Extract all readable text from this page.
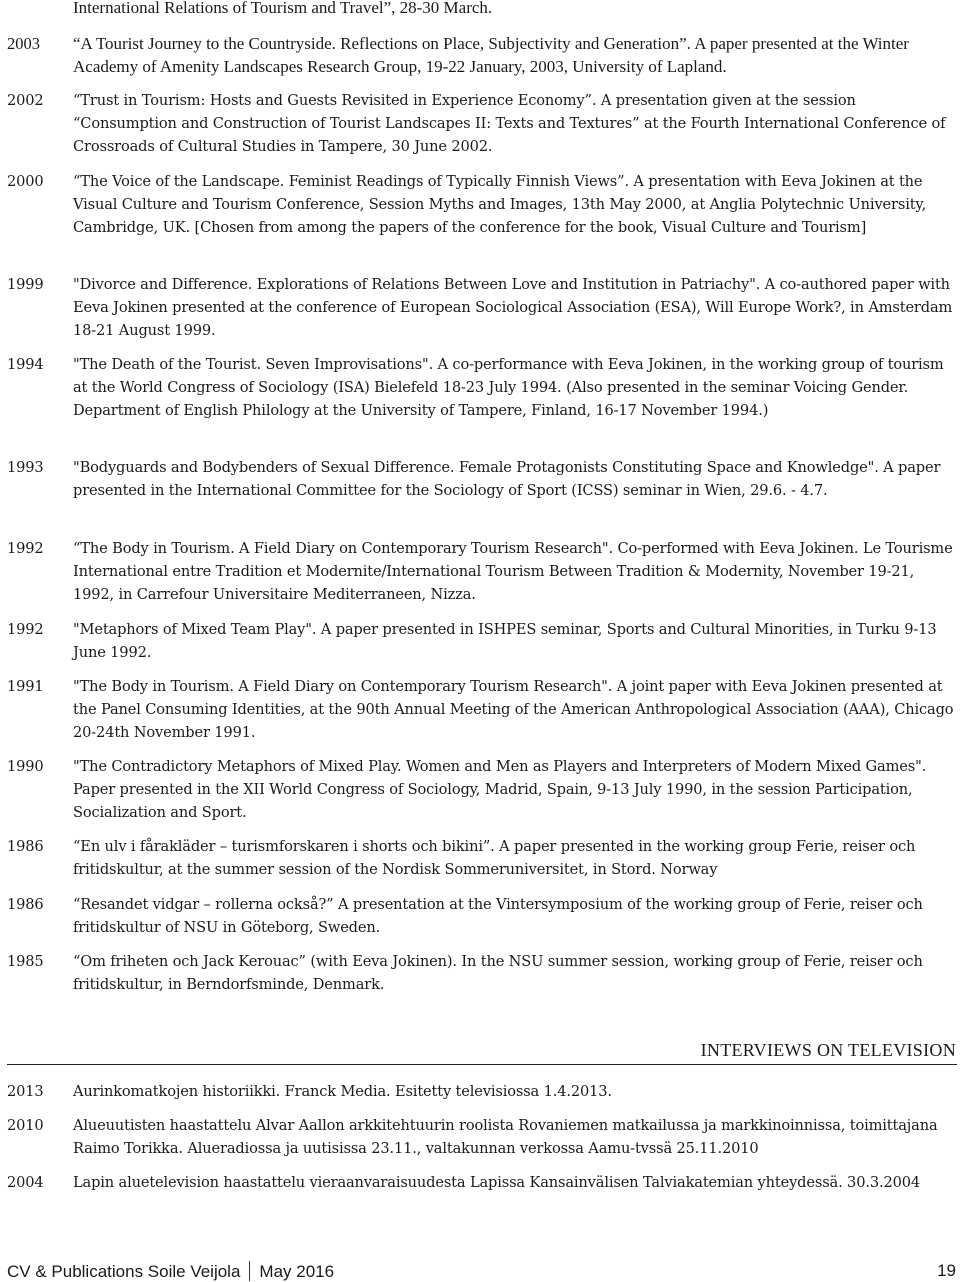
International Relations of Tourism and Travel”, 28-30 March.
2003 “A Tourist Journey to the Countryside. Reflections on Place, Subjectivity and Generation”. A paper presented at the Winter Academy of Amenity Landscapes Research Group, 19-22 January, 2003, University of Lapland.
2002 “Trust in Tourism: Hosts and Guests Revisited in Experience Economy”. A presentation given at the session “Consumption and Construction of Tourist Landscapes II: Texts and Textures” at the Fourth International Conference of Crossroads of Cultural Studies in Tampere, 30 June 2002.
2000 “The Voice of the Landscape. Feminist Readings of Typically Finnish Views”. A presentation with Eeva Jokinen at the Visual Culture and Tourism Conference, Session Myths and Images, 13th May 2000, at Anglia Polytechnic University, Cambridge, UK. [Chosen from among the papers of the conference for the book, Visual Culture and Tourism]
1999 "Divorce and Difference. Explorations of Relations Between Love and Institution in Patriachy". A co-authored paper with Eeva Jokinen presented at the conference of European Sociological Association (ESA), Will Europe Work?, in Amsterdam 18-21 August 1999.
1994 "The Death of the Tourist. Seven Improvisations". A co-performance with Eeva Jokinen, in the working group of tourism at the World Congress of Sociology (ISA) Bielefeld 18-23 July 1994. (Also presented in the seminar Voicing Gender. Department of English Philology at the University of Tampere, Finland, 16-17 November 1994.)
1993 "Bodyguards and Bodybenders of Sexual Difference. Female Protagonists Constituting Space and Knowledge". A paper presented in the International Committee for the Sociology of Sport (ICSS) seminar in Wien, 29.6. - 4.7.
1992 “The Body in Tourism. A Field Diary on Contemporary Tourism Research". Co-performed with Eeva Jokinen. Le Tourisme International entre Tradition et Modernite/International Tourism Between Tradition & Modernity, November 19-21, 1992, in Carrefour Universitaire Mediterraneen, Nizza.
1992 "Metaphors of Mixed Team Play". A paper presented in ISHPES seminar, Sports and Cultural Minorities, in Turku 9-13 June 1992.
1991 "The Body in Tourism. A Field Diary on Contemporary Tourism Research". A joint paper with Eeva Jokinen presented at the Panel Consuming Identities, at the 90th Annual Meeting of the American Anthropological Association (AAA), Chicago 20-24th November 1991.
1990 "The Contradictory Metaphors of Mixed Play. Women and Men as Players and Interpreters of Modern Mixed Games". Paper presented in the XII World Congress of Sociology, Madrid, Spain, 9-13 July 1990, in the session Participation, Socialization and Sport.
1986 “En ulv i fårakläder – turismforskaren i shorts och bikini”. A paper presented in the working group Ferie, reiser och fritidskultur, at the summer session of the Nordisk Sommeruniversitet, in Stord. Norway
1986 “Resandet vidgar – rollerna också?” A presentation at the Vintersymposium of the working group of Ferie, reiser och fritidskultur of NSU in Göteborg, Sweden.
1985 “Om friheten och Jack Kerouac” (with Eeva Jokinen). In the NSU summer session, working group of Ferie, reiser och fritidskultur, in Berndorfsminde, Denmark.
INTERVIEWS ON TELEVISION
2013 Aurinkomatkojen historiikki. Franck Media. Esitetty televisiossa 1.4.2013.
2010 Alueuutisten haastattelu Alvar Aallon arkkitehtuurin roolista Rovaniemen matkailussa ja markkinoinnissa, toimittajana Raimo Torikka. Alueradiossa ja uutisissa 23.11., valtakunnan verkossa Aamu-tvssä 25.11.2010
2004 Lapin aluetelevision haastattelu vieraanvaraisuudesta Lapissa Kansainvälisen Talviakatemian yhteydessä. 30.3.2004
CV & Publications Soile Veijola May 2016	19
